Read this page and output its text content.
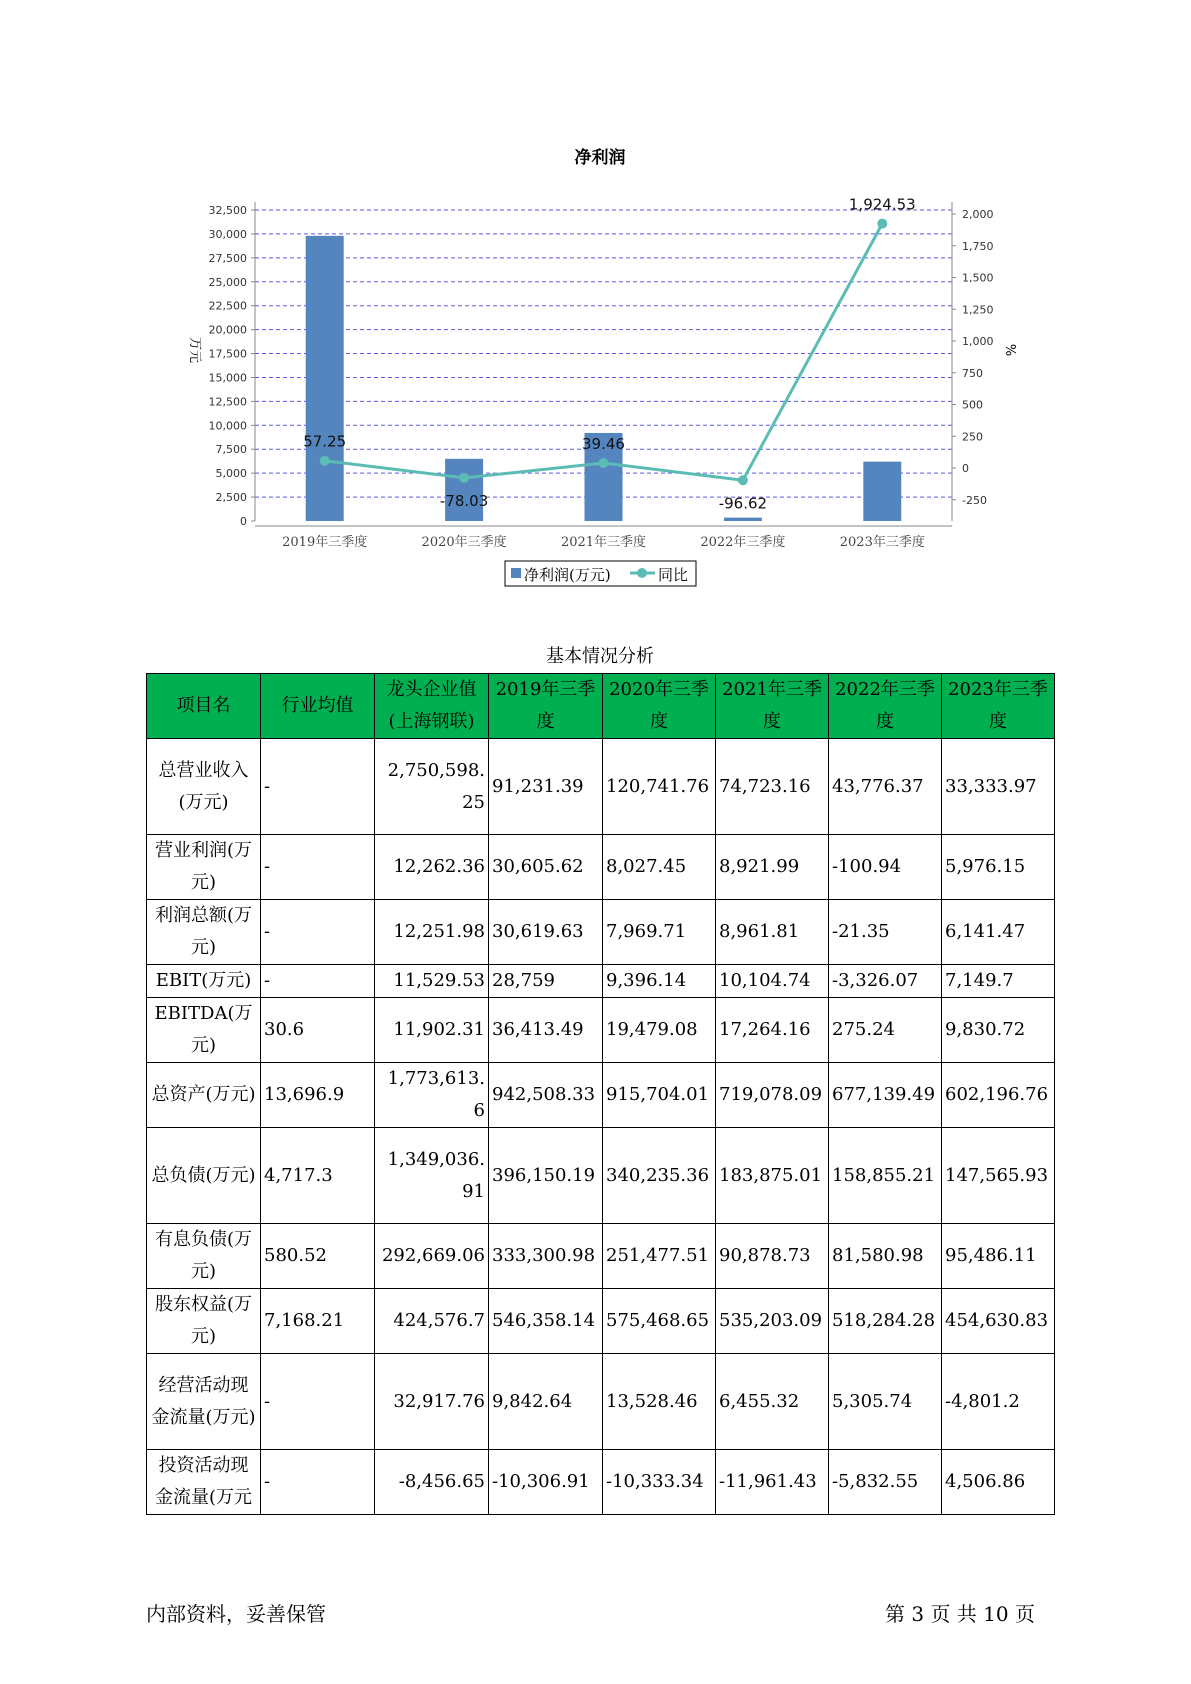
净利润
0
2,500
5,000
7,500
10,000
12,500
15,000
17,500
20,000
22,500
25,000
27,500
30,000
32,500
-250
0
250
500
750
1,000
1,250
1,500
1,750
2,000
2019年三季度	2020年三季度	2021年三季度	2022年三季度	2023年三季度
57.25
-78.03
39.46
-96.62
1,924.53
万元	%
净利润(万元)	同比
基本情况分析
项目名	行业均值	龙头企业值(上海钢联)	2019年三季度	2020年三季度	2021年三季度	2022年三季度	2023年三季度
总营业收入(万元)	-	2,750,598.25	91,231.39	120,741.76	74,723.16	43,776.37	33,333.97
营业利润(万元)	-	12,262.36	30,605.62	8,027.45	8,921.99	-100.94	5,976.15
利润总额(万元)	-	12,251.98	30,619.63	7,969.71	8,961.81	-21.35	6,141.47
EBIT(万元)	-	11,529.53	28,759	9,396.14	10,104.74	-3,326.07	7,149.7
EBITDA(万元)	30.6	11,902.31	36,413.49	19,479.08	17,264.16	275.24	9,830.72
总资产(万元)	13,696.9	1,773,613.6	942,508.33	915,704.01	719,078.09	677,139.49	602,196.76
总负债(万元)	4,717.3	1,349,036.91	396,150.19	340,235.36	183,875.01	158,855.21	147,565.93
有息负债(万元)	580.52	292,669.06	333,300.98	251,477.51	90,878.73	81,580.98	95,486.11
股东权益(万元)	7,168.21	424,576.7	546,358.14	575,468.65	535,203.09	518,284.28	454,630.83
经营活动现金流量(万元)	-	32,917.76	9,842.64	13,528.46	6,455.32	5,305.74	-4,801.2
投资活动现金流量(万元	-	-8,456.65	-10,306.91	-10,333.34	-11,961.43	-5,832.55	4,506.86
内部资料，妥善保管	第 3 页 共 10 页
